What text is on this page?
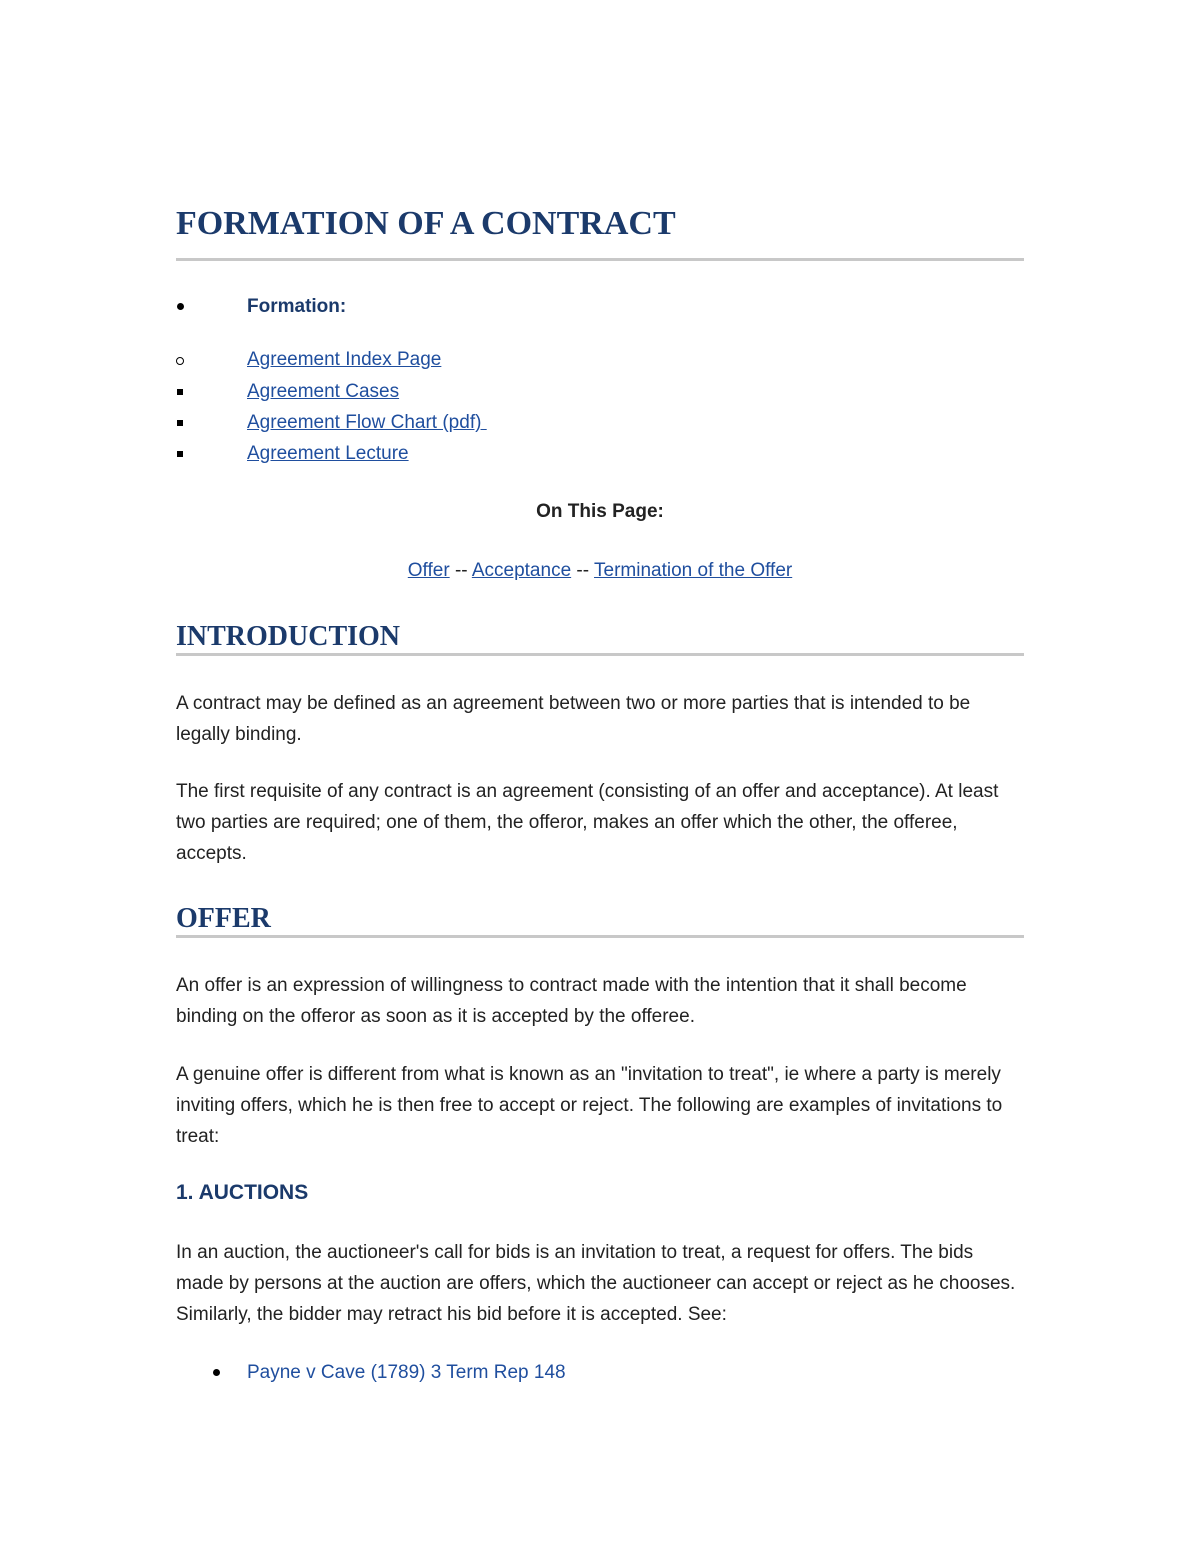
FORMATION OF A CONTRACT
Formation:
Agreement Index Page
Agreement Cases
Agreement Flow Chart (pdf)
Agreement Lecture
On This Page:
Offer -- Acceptance -- Termination of the Offer
INTRODUCTION

A contract may be defined as an agreement between two or more parties that is intended to be legally binding.

The first requisite of any contract is an agreement (consisting of an offer and acceptance). At least two parties are required; one of them, the offeror, makes an offer which the other, the offeree, accepts.

OFFER

An offer is an expression of willingness to contract made with the intention that it shall become binding on the offeror as soon as it is accepted by the offeree.

A genuine offer is different from what is known as an "invitation to treat", ie where a party is merely inviting offers, which he is then free to accept or reject. The following are examples of invitations to treat:

1. AUCTIONS

In an auction, the auctioneer's call for bids is an invitation to treat, a request for offers. The bids made by persons at the auction are offers, which the auctioneer can accept or reject as he chooses. Similarly, the bidder may retract his bid before it is accepted. See:

Payne v Cave (1789) 3 Term Rep 148
